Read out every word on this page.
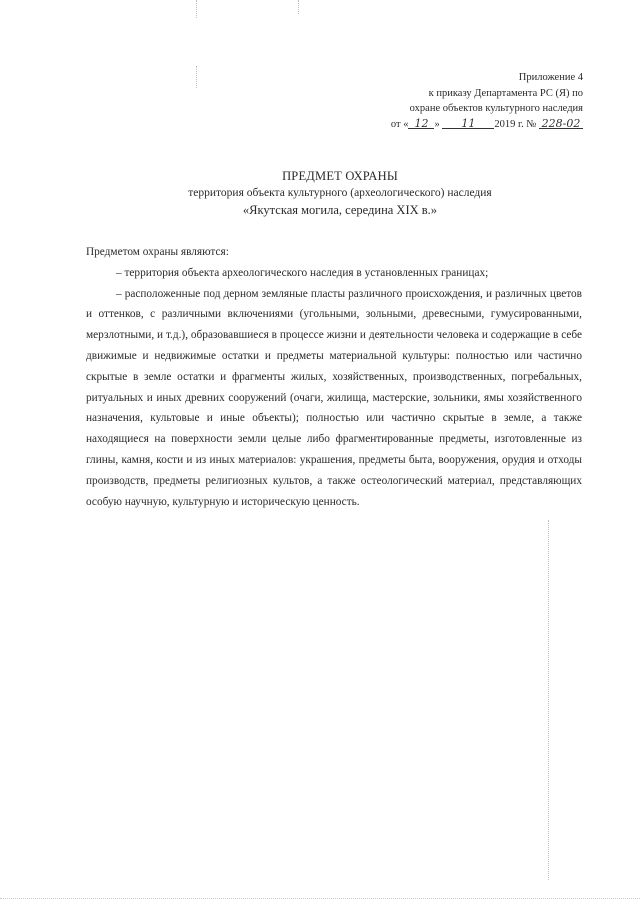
Приложение 4
к приказу Департамента РС (Я) по
охране объектов культурного наследия
от « 12 » 11 2019 г. № 228-02
ПРЕДМЕТ ОХРАНЫ
территория объекта культурного (археологического) наследия
«Якутская могила, середина XIX в.»

Предметом охраны являются:

– территория объекта археологического наследия в установленных границах;

– расположенные под дерном земляные пласты различного происхождения, и различных цветов и оттенков, с различными включениями (угольными, зольными, древесными, гумусированными, мерзлотными, и т.д.), образовавшиеся в процессе жизни и деятельности человека и содержащие в себе движимые и недвижимые остатки и предметы материальной культуры: полностью или частично скрытые в земле остатки и фрагменты жилых, хозяйственных, производственных, погребальных, ритуальных и иных древних сооружений (очаги, жилища, мастерские, зольники, ямы хозяйственного назначения, культовые и иные объекты); полностью или частично скрытые в земле, а также находящиеся на поверхности земли целые либо фрагментированные предметы, изготовленные из глины, камня, кости и из иных материалов: украшения, предметы быта, вооружения, орудия и отходы производств, предметы религиозных культов, а также остеологический материал, представляющих особую научную, культурную и историческую ценность.
